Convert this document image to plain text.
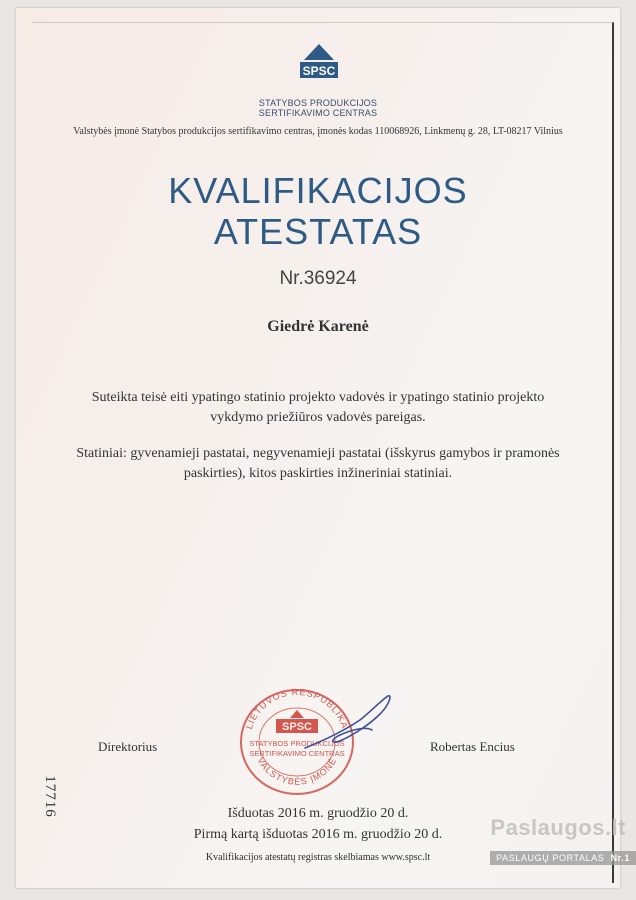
SPSC
STATYBOS PRODUKCIJOS
SERTIFIKAVIMO CENTRAS
Valstybės įmonė Statybos produkcijos sertifikavimo centras, įmonės kodas 110068926, Linkmenų g. 28, LT-08217 Vilnius
KVALIFIKACIJOS
ATESTATAS
Nr.36924
Giedrė Karenė
Suteikta teisė eiti ypatingo statinio projekto vadovės ir ypatingo statinio projekto
vykdymo priežiūros vadovės pareigas.
Statiniai: gyvenamieji pastatai, negyvenamieji pastatai (išskyrus gamybos ir pramonės
paskirties), kitos paskirties inžineriniai statiniai.
LIETUVOS RESPUBLIKA
VALSTYBĖS ĮMONĖ
SPSC
STATYBOS PRODUKCIJOS
SERTIFIKAVIMO CENTRAS
Direktorius	Robertas Encius
Išduotas 2016 m. gruodžio 20 d.
Pirmą kartą išduotas 2016 m. gruodžio 20 d.
Kvalifikacijos atestatų registras skelbiamas www.spsc.lt
17716
Paslaugos.lt
PASLAUGŲ PORTALAS Nr.1
